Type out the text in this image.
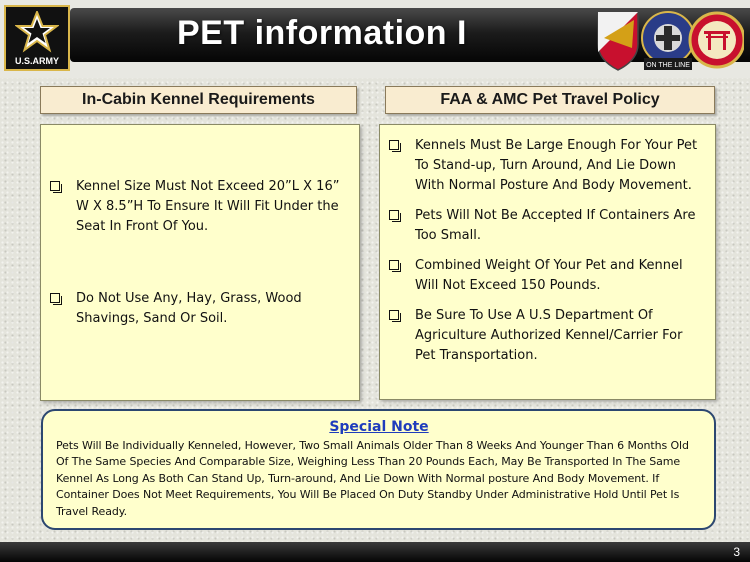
PET information I
U.S.ARMY	ON THE LINE
In-Cabin Kennel Requirements	FAA & AMC Pet Travel Policy
Kennel Size Must Not Exceed 20”L X 16” W X 8.5”H To Ensure It Will Fit Under the Seat In Front Of You.
Do Not Use Any, Hay, Grass, Wood Shavings, Sand Or Soil.
Kennels Must Be Large Enough For Your Pet To Stand-up, Turn Around, And Lie Down With Normal Posture And Body Movement.
Pets Will Not Be Accepted If Containers Are Too Small.
Combined Weight Of Your Pet and Kennel Will Not Exceed 150 Pounds.
Be Sure To Use A U.S Department Of Agriculture Authorized Kennel/Carrier For Pet Transportation.
Special Note

Pets Will Be Individually Kenneled, However, Two Small Animals Older Than 8 Weeks And Younger Than 6 Months Old Of The Same Species And Comparable Size, Weighing Less Than 20 Pounds Each, May Be Transported In The Same Kennel As Long As Both Can Stand Up, Turn-around, And Lie Down With Normal posture And Body Movement. If Container Does Not Meet Requirements, You Will Be Placed On Duty Standby Under Administrative Hold Until Pet Is Travel Ready.

3
